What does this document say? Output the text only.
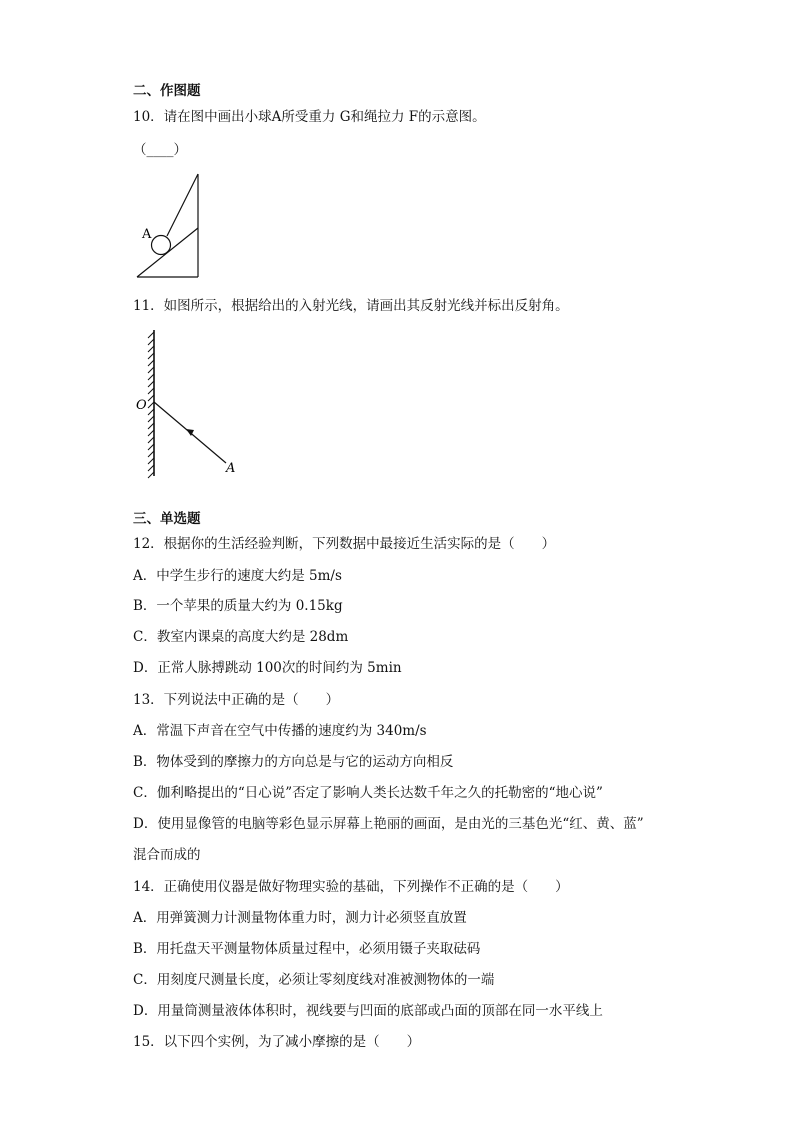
二、作图题
10．请在图中画出小球A所受重力 G和绳拉力 F的示意图。
（____）
A
11．如图所示，根据给出的入射光线，请画出其反射光线并标出反射角。
O
A
三、单选题
12．根据你的生活经验判断，下列数据中最接近生活实际的是（　　）
A．中学生步行的速度大约是 5m/s
B．一个苹果的质量大约为 0.15kg
C．教室内课桌的高度大约是 28dm
D．正常人脉搏跳动 100次的时间约为 5min
13．下列说法中正确的是（　　）
A．常温下声音在空气中传播的速度约为 340m/s
B．物体受到的摩擦力的方向总是与它的运动方向相反
C．伽利略提出的“日心说”否定了影响人类长达数千年之久的托勒密的“地心说”
D．使用显像管的电脑等彩色显示屏幕上艳丽的画面，是由光的三基色光“红、黄、蓝”
混合而成的
14．正确使用仪器是做好物理实验的基础，下列操作不正确的是（　　）
A．用弹簧测力计测量物体重力时，测力计必须竖直放置
B．用托盘天平测量物体质量过程中，必须用镊子夹取砝码
C．用刻度尺测量长度，必须让零刻度线对准被测物体的一端
D．用量筒测量液体体积时，视线要与凹面的底部或凸面的顶部在同一水平线上
15．以下四个实例，为了减小摩擦的是（　　）
